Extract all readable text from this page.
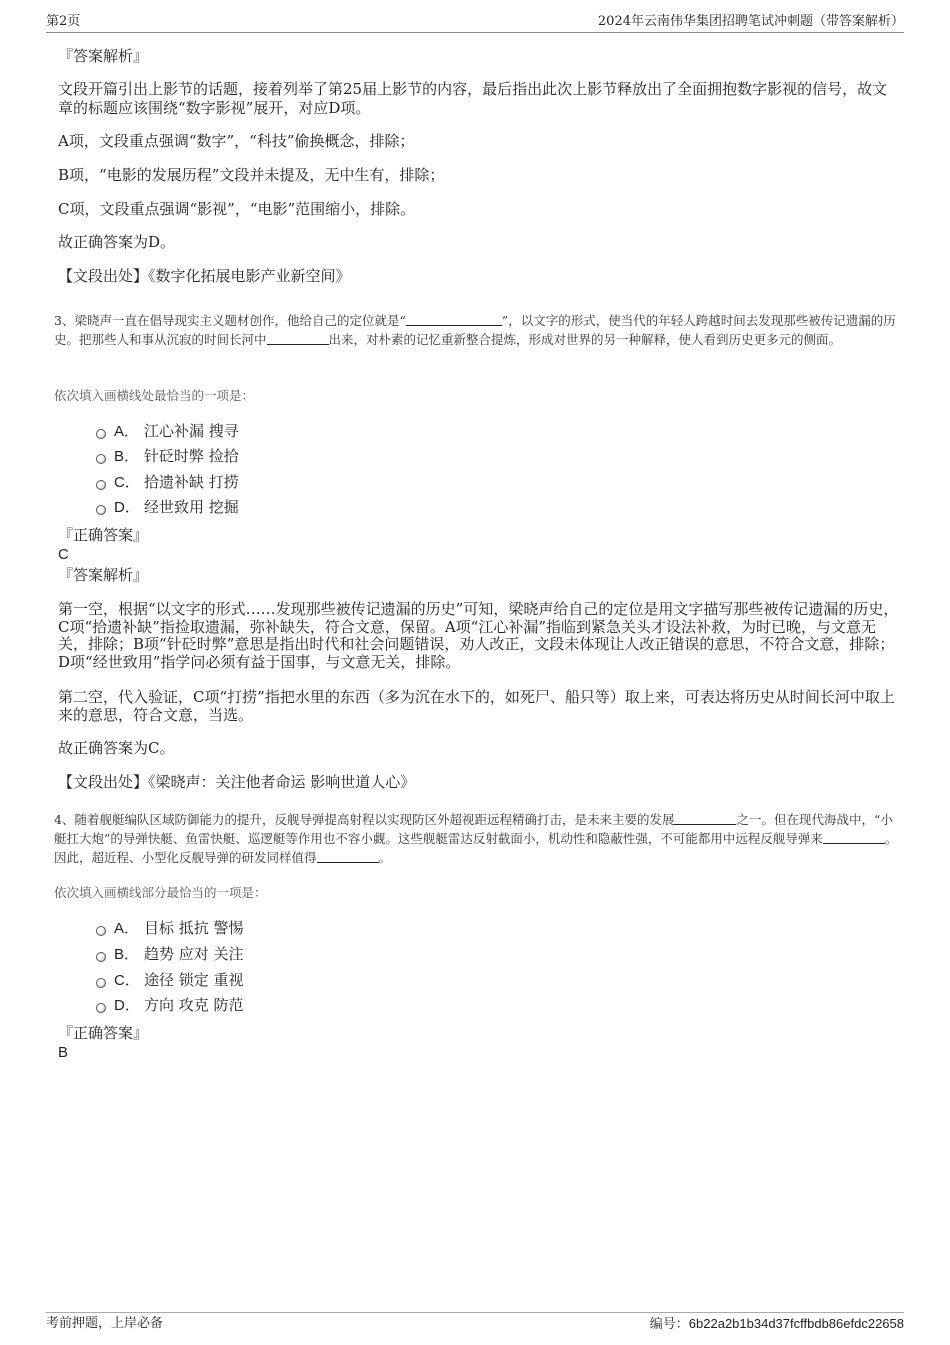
第2页	2024年云南伟华集团招聘笔试冲刺题（带答案解析）

『答案解析』

文段开篇引出上影节的话题，接着列举了第25届上影节的内容，最后指出此次上影节释放出了全面拥抱数字影视的信号，故文章的标题应该围绕“数字影视”展开，对应D项。

A项，文段重点强调“数字”，“科技”偷换概念，排除；

B项，“电影的发展历程”文段并未提及，无中生有，排除；

C项，文段重点强调“影视”，“电影”范围缩小，排除。

故正确答案为D。

【文段出处】《数字化拓展电影产业新空间》

3、梁晓声一直在倡导现实主义题材创作，他给自己的定位就是“	”，以文字的形式，使当代的年轻人跨越时间去发现那些被传记遗漏的历史。把那些人和事从沉寂的时间长河中	出来，对朴素的记忆重新整合提炼，形成对世界的另一种解释，使人看到历史更多元的侧面。

依次填入画横线处最恰当的一项是：

A． 江心补漏 搜寻
B． 针砭时弊 捡拾
C． 拾遗补缺 打捞
D． 经世致用 挖掘

『正确答案』

C

『答案解析』

第一空，根据“以文字的形式……发现那些被传记遗漏的历史”可知，梁晓声给自己的定位是用文字描写那些被传记遗漏的历史，C项“拾遗补缺”指捡取遗漏，弥补缺失，符合文意，保留。A项“江心补漏”指临到紧急关头才设法补救，为时已晚，与文意无关，排除；B项“针砭时弊”意思是指出时代和社会问题错误，劝人改正，文段未体现让人改正错误的意思，不符合文意，排除；D项“经世致用”指学问必须有益于国事，与文意无关，排除。

第二空，代入验证，C项“打捞”指把水里的东西（多为沉在水下的，如死尸、船只等）取上来，可表达将历史从时间长河中取上来的意思，符合文意，当选。

故正确答案为C。

【文段出处】《梁晓声：关注他者命运 影响世道人心》

4、随着舰艇编队区域防御能力的提升，反舰导弹提高射程以实现防区外超视距远程精确打击，是未来主要的发展	之一。但在现代海战中，“小艇扛大炮”的导弹快艇、鱼雷快艇、巡逻艇等作用也不容小觑。这些舰艇雷达反射截面小，机动性和隐蔽性强，不可能都用中远程反舰导弹来	。因此，超近程、小型化反舰导弹的研发同样值得	。

依次填入画横线部分最恰当的一项是：

A． 目标 抵抗 警惕
B． 趋势 应对 关注
C． 途径 锁定 重视
D． 方向 攻克 防范

『正确答案』

B

考前押题，上岸必备	编号：6b22a2b1b34d37fcffbdb86efdc22658
